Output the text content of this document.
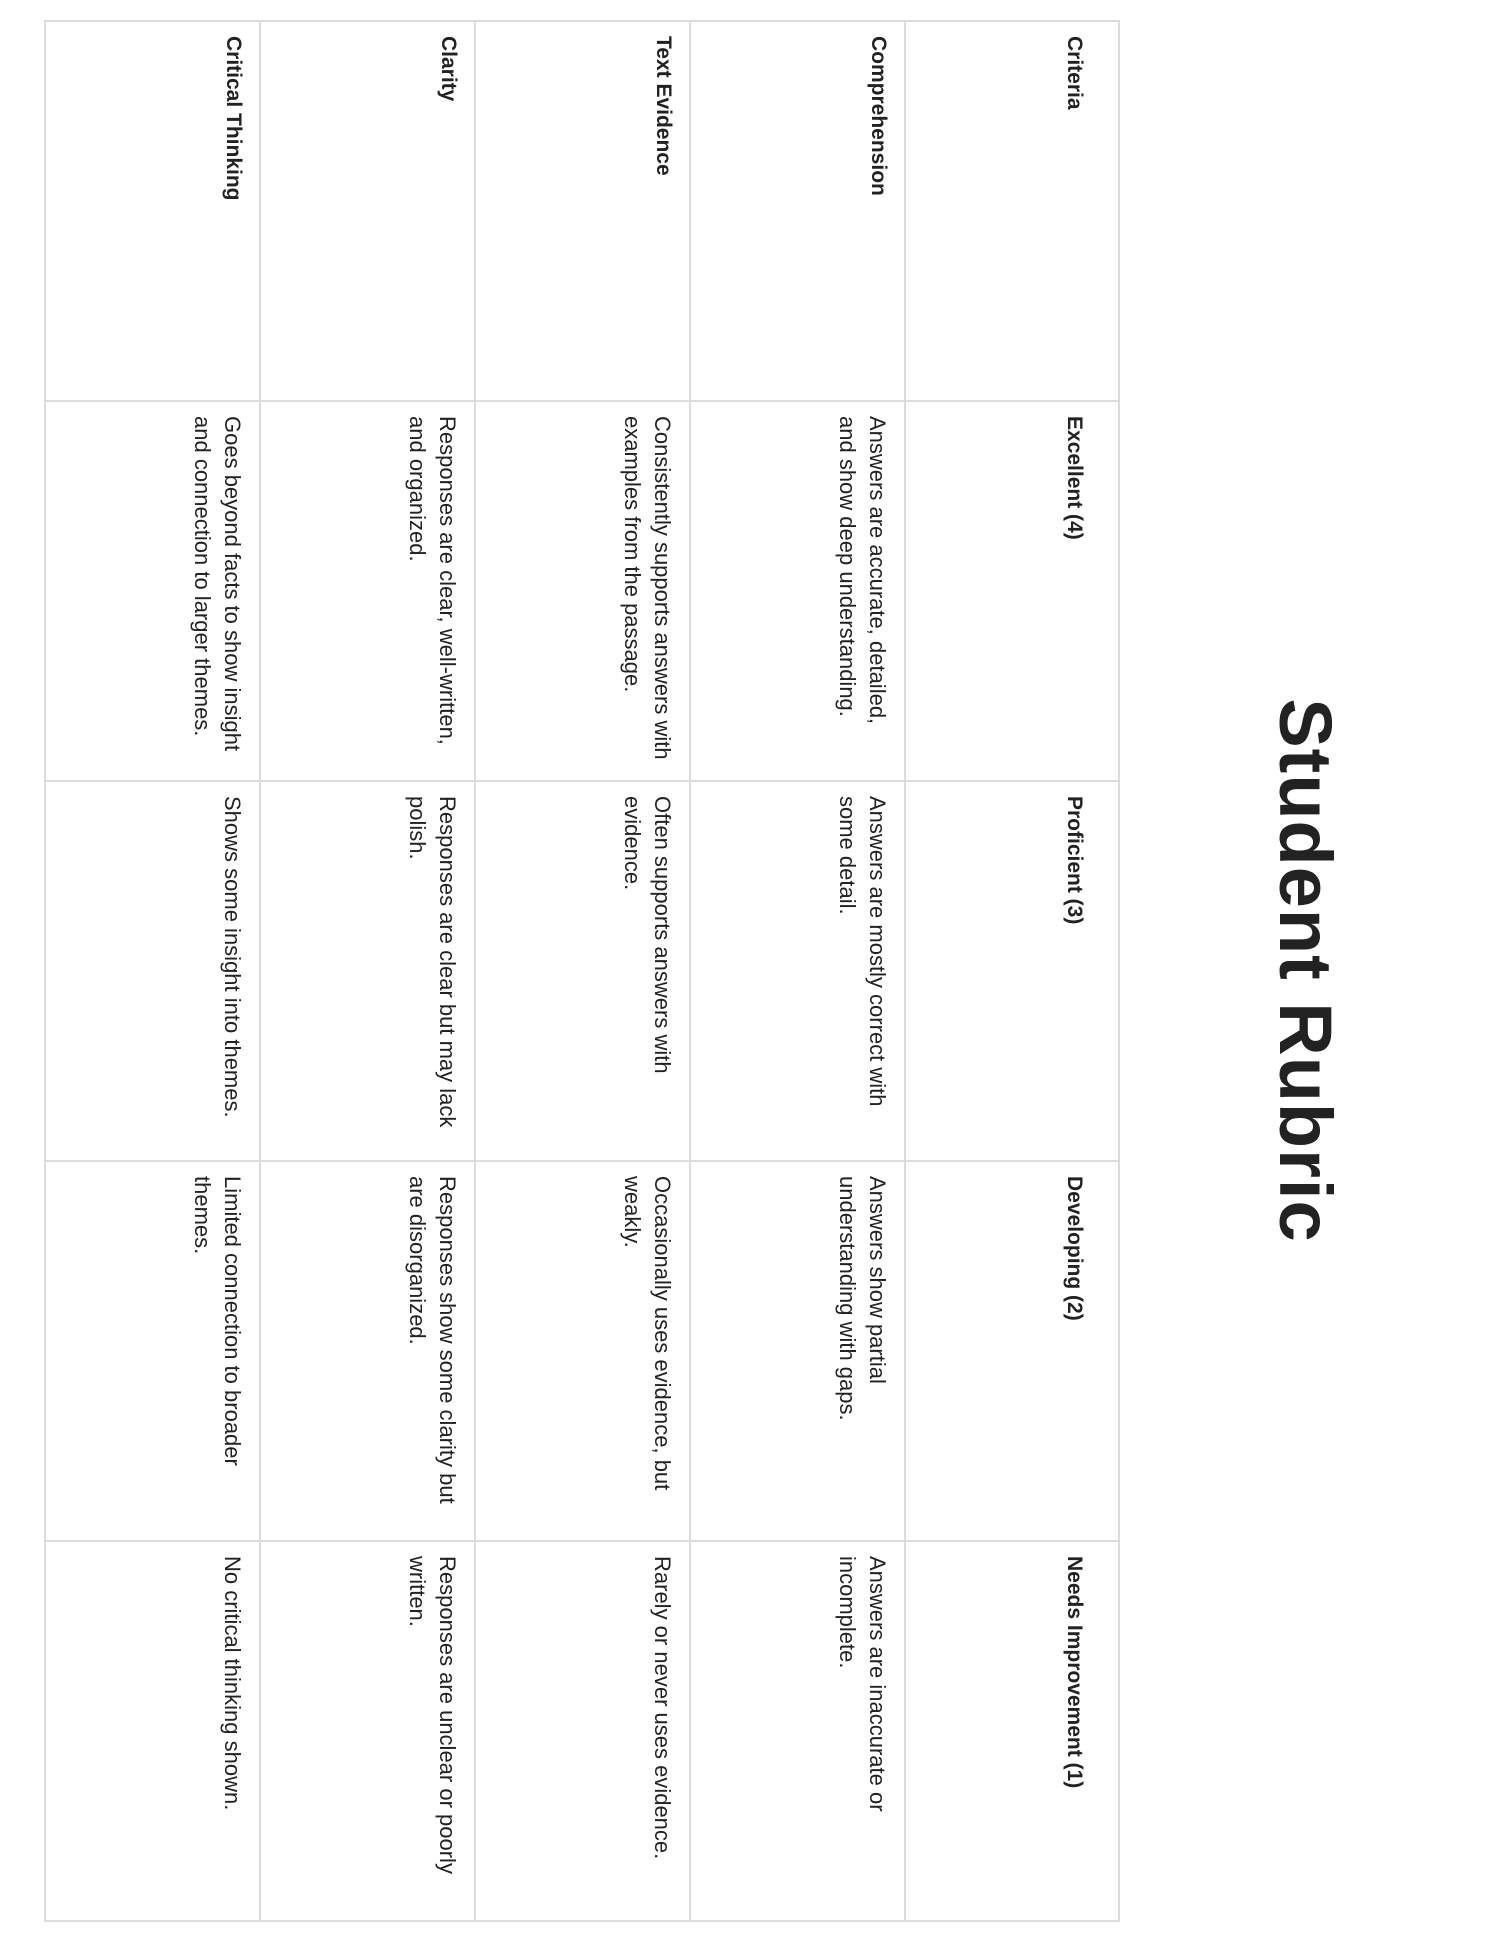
Student Rubric
Criteria	Excellent (4)	Proficient (3)	Developing (2)	Needs Improvement (1)
Comprehension	Answers are accurate, detailed, and show deep understanding.	Answers are mostly correct with some detail.	Answers show partial understanding with gaps.	Answers are inaccurate or incomplete.
Text Evidence	Consistently supports answers with examples from the passage.	Often supports answers with evidence.	Occasionally uses evidence, but weakly.	Rarely or never uses evidence.
Clarity	Responses are clear, well-written, and organized.	Responses are clear but may lack polish.	Responses show some clarity but are disorganized.	Responses are unclear or poorly written.
Critical Thinking	Goes beyond facts to show insight and connection to larger themes.	Shows some insight into themes.	Limited connection to broader themes.	No critical thinking shown.
